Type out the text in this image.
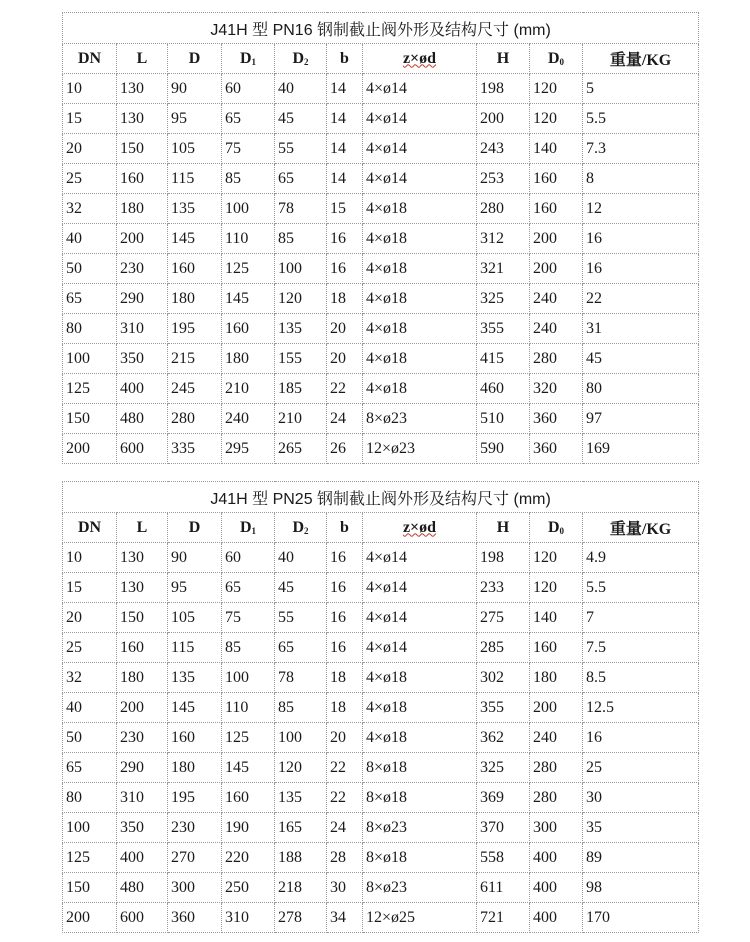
J41H 型 PN16 钢制截止阀外形及结构尺寸 (mm)									
DN	L	D	$D_1$	$D_2$	b	z×ød	H	$D_0$	重量/KG
10	130	90	60	40	14	4×ø14	198	120	5
15	130	95	65	45	14	4×ø14	200	120	5.5
20	150	105	75	55	14	4×ø14	243	140	7.3
25	160	115	85	65	14	4×ø14	253	160	8
32	180	135	100	78	15	4×ø18	280	160	12
40	200	145	110	85	16	4×ø18	312	200	16
50	230	160	125	100	16	4×ø18	321	200	16
65	290	180	145	120	18	4×ø18	325	240	22
80	310	195	160	135	20	4×ø18	355	240	31
100	350	215	180	155	20	4×ø18	415	280	45
125	400	245	210	185	22	4×ø18	460	320	80
150	480	280	240	210	24	8×ø23	510	360	97
200	600	335	295	265	26	12×ø23	590	360	169
J41H 型 PN25 钢制截止阀外形及结构尺寸 (mm)									
DN	L	D	$D_1$	$D_2$	b	z×ød	H	$D_0$	重量/KG
10	130	90	60	40	16	4×ø14	198	120	4.9
15	130	95	65	45	16	4×ø14	233	120	5.5
20	150	105	75	55	16	4×ø14	275	140	7
25	160	115	85	65	16	4×ø14	285	160	7.5
32	180	135	100	78	18	4×ø18	302	180	8.5
40	200	145	110	85	18	4×ø18	355	200	12.5
50	230	160	125	100	20	4×ø18	362	240	16
65	290	180	145	120	22	8×ø18	325	280	25
80	310	195	160	135	22	8×ø18	369	280	30
100	350	230	190	165	24	8×ø23	370	300	35
125	400	270	220	188	28	8×ø18	558	400	89
150	480	300	250	218	30	8×ø23	611	400	98
200	600	360	310	278	34	12×ø25	721	400	170
